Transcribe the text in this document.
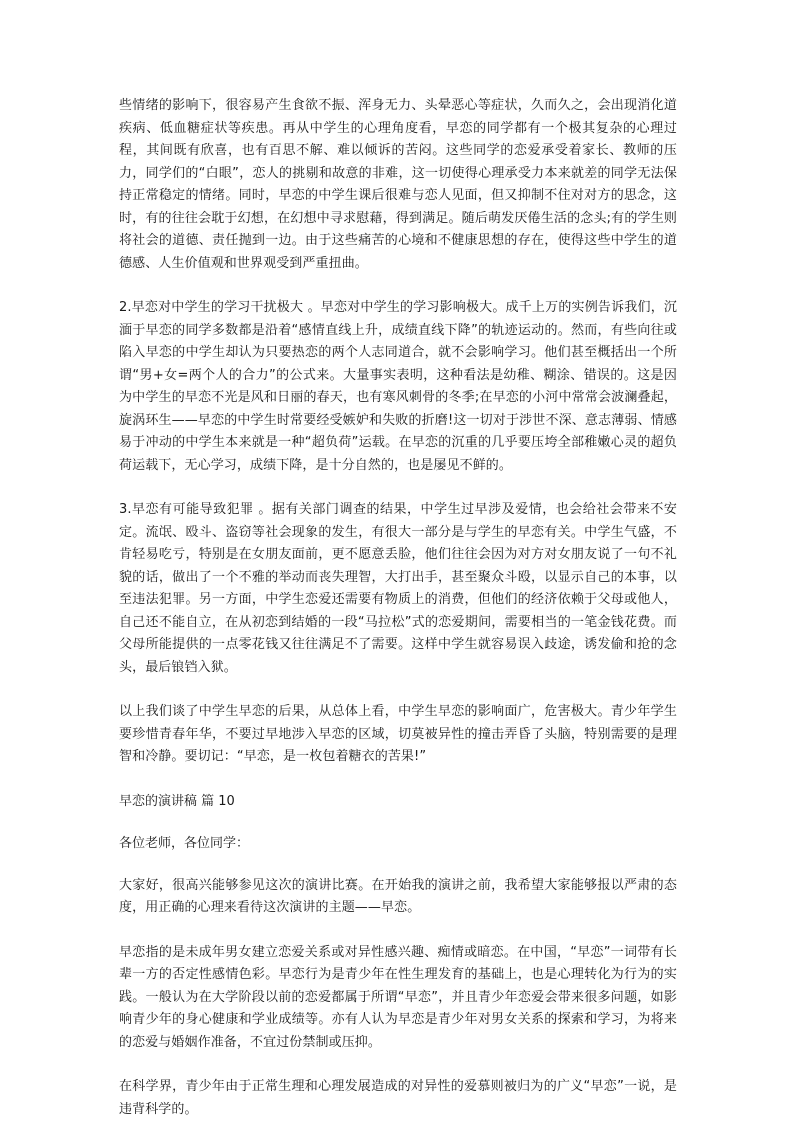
些情绪的影响下，很容易产生食欲不振、浑身无力、头晕恶心等症状，久而久之，会出现消化道疾病、低血糖症状等疾患。再从中学生的心理角度看，早恋的同学都有一个极其复杂的心理过程，其间既有欣喜，也有百思不解、难以倾诉的苦闷。这些同学的恋爱承受着家长、教师的压力，同学们的“白眼”，恋人的挑剔和故意的非难，这一切使得心理承受力本来就差的同学无法保持正常稳定的情绪。同时，早恋的中学生课后很难与恋人见面，但又抑制不住对对方的思念，这时，有的往往会耽于幻想，在幻想中寻求慰藉，得到满足。随后萌发厌倦生活的念头;有的学生则将社会的道德、责任抛到一边。由于这些痛苦的心境和不健康思想的存在，使得这些中学生的道德感、人生价值观和世界观受到严重扭曲。

2.早恋对中学生的学习干扰极大 。早恋对中学生的学习影响极大。成千上万的实例告诉我们，沉湎于早恋的同学多数都是沿着“感情直线上升，成绩直线下降”的轨迹运动的。然而，有些向往或陷入早恋的中学生却认为只要热恋的两个人志同道合，就不会影响学习。他们甚至概括出一个所谓“男+女=两个人的合力”的公式来。大量事实表明，这种看法是幼稚、糊涂、错误的。这是因为中学生的早恋不光是风和日丽的春天，也有寒风刺骨的冬季;在早恋的小河中常常会波澜叠起，旋涡环生——早恋的中学生时常要经受嫉妒和失败的折磨!这一切对于涉世不深、意志薄弱、情感易于冲动的中学生本来就是一种“超负荷”运载。在早恋的沉重的几乎要压垮全部稚嫩心灵的超负荷运载下，无心学习，成绩下降，是十分自然的，也是屡见不鲜的。

3.早恋有可能导致犯罪 。据有关部门调查的结果，中学生过早涉及爱情，也会给社会带来不安定。流氓、殴斗、盗窃等社会现象的发生，有很大一部分是与学生的早恋有关。中学生气盛，不肯轻易吃亏，特别是在女朋友面前，更不愿意丢脸，他们往往会因为对方对女朋友说了一句不礼貌的话，做出了一个不雅的举动而丧失理智，大打出手，甚至聚众斗殴，以显示自己的本事，以至违法犯罪。另一方面，中学生恋爱还需要有物质上的消费，但他们的经济依赖于父母或他人，自己还不能自立，在从初恋到结婚的一段“马拉松”式的恋爱期间，需要相当的一笔金钱花费。而父母所能提供的一点零花钱又往往满足不了需要。这样中学生就容易误入歧途，诱发偷和抢的念头，最后锒铛入狱。

以上我们谈了中学生早恋的后果，从总体上看，中学生早恋的影响面广，危害极大。青少年学生要珍惜青春年华，不要过早地涉入早恋的区域，切莫被异性的撞击弄昏了头脑，特别需要的是理智和冷静。要切记：“早恋，是一枚包着糖衣的苦果!”

早恋的演讲稿 篇 10

各位老师，各位同学：

大家好，很高兴能够参见这次的演讲比赛。在开始我的演讲之前，我希望大家能够报以严肃的态度，用正确的心理来看待这次演讲的主题——早恋。

早恋指的是未成年男女建立恋爱关系或对异性感兴趣、痴情或暗恋。在中国，“早恋”一词带有长辈一方的否定性感情色彩。早恋行为是青少年在性生理发育的基础上，也是心理转化为行为的实践。一般认为在大学阶段以前的恋爱都属于所谓“早恋”，并且青少年恋爱会带来很多问题，如影响青少年的身心健康和学业成绩等。亦有人认为早恋是青少年对男女关系的探索和学习，为将来的恋爱与婚姻作准备，不宜过份禁制或压抑。

在科学界，青少年由于正常生理和心理发展造成的对异性的爱慕则被归为的广义“早恋”一说，是违背科学的。
